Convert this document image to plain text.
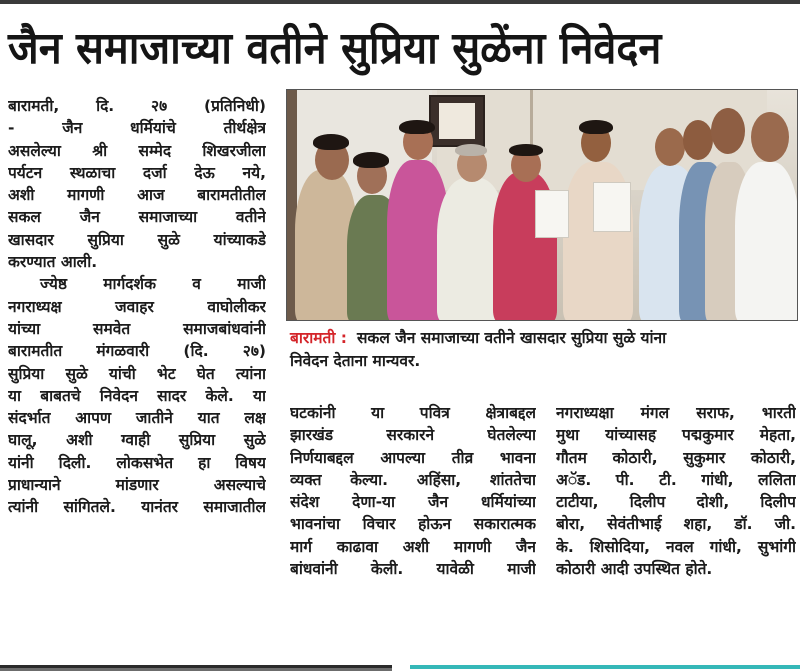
जैन समाजाच्या वतीने सुप्रिया सुळेंना निवेदन
बारामती, दि. २७ (प्रतिनिधी)
- जैन धर्मियांचे तीर्थक्षेत्र
असलेल्या श्री सम्मेद शिखरजीला
पर्यटन स्थळाचा दर्जा देऊ नये,
अशी मागणी आज बारामतीतील
सकल जैन समाजाच्या वतीने
खासदार सुप्रिया सुळे यांच्याकडे
करण्यात आली.
ज्येष्ठ मार्गदर्शक व माजी
नगराध्यक्ष जवाहर वाघोलीकर
यांच्या समवेत समाजबांधवांनी
बारामतीत मंगळवारी (दि. २७)
सुप्रिया सुळे यांची भेट घेत त्यांना
या बाबतचे निवेदन सादर केले. या
संदर्भात आपण जातीने यात लक्ष
घालू, अशी ग्वाही सुप्रिया सुळे
यांनी दिली. लोकसभेत हा विषय
प्राधान्याने मांडणार असल्याचे
त्यांनी सांगितले. यानंतर समाजातील
बारामती : सकल जैन समाजाच्या वतीने खासदार सुप्रिया सुळे यांना
निवेदन देताना मान्यवर.
घटकांनी या पवित्र क्षेत्राबद्दल
झारखंड सरकारने घेतलेल्या
निर्णयाबद्दल आपल्या तीव्र भावना
व्यक्त केल्या. अहिंसा, शांततेचा
संदेश देणा-या जैन धर्मियांच्या
भावनांचा विचार होऊन सकारात्मक
मार्ग काढावा अशी मागणी जैन
बांधवांनी केली. यावेळी माजी
नगराध्यक्षा मंगल सराफ, भारती
मुथा यांच्यासह पद्मकुमार मेहता,
गौतम कोठारी, सुकुमार कोठारी,
अॅड. पी. टी. गांधी, ललिता
टाटीया, दिलीप दोशी, दिलीप
बोरा, सेवंतीभाई शहा, डॉ. जी.
के. शिसोदिया, नवल गांधी, सुभांगी
कोठारी आदी उपस्थित होते.
